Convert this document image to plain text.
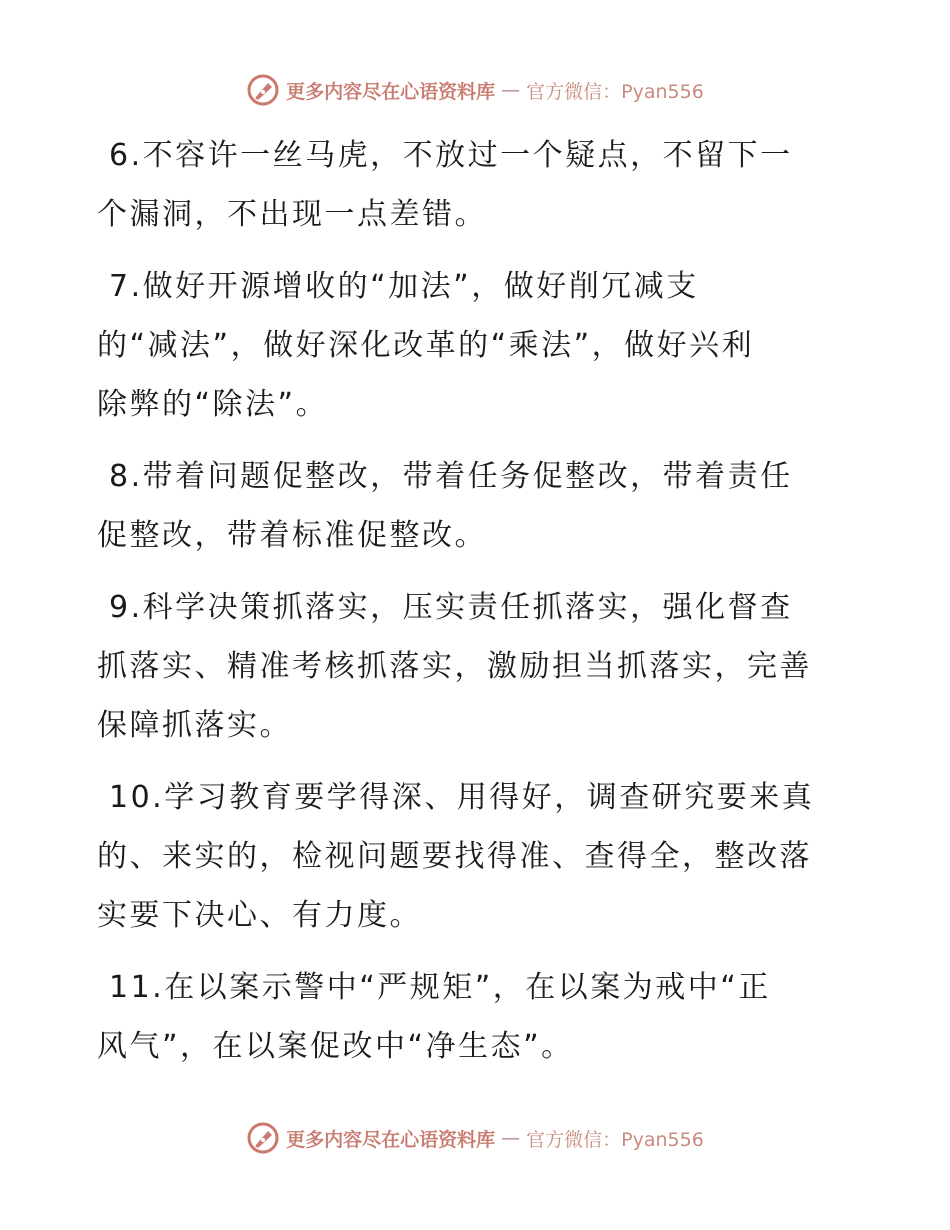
更多内容尽在心语资料库 — 官方微信：Pyan556

6.不容许一丝马虎，不放过一个疑点，不留下一
个漏洞，不出现一点差错。

7.做好开源增收的“加法”，做好削冗减支
的“减法”，做好深化改革的“乘法”，做好兴利
除弊的“除法”。

8.带着问题促整改，带着任务促整改，带着责任
促整改，带着标准促整改。

9.科学决策抓落实，压实责任抓落实，强化督查
抓落实、精准考核抓落实，激励担当抓落实，完善
保障抓落实。

10.学习教育要学得深、用得好，调查研究要来真
的、来实的，检视问题要找得准、查得全，整改落
实要下决心、有力度。

11.在以案示警中“严规矩”，在以案为戒中“正
风气”，在以案促改中“净生态”。

更多内容尽在心语资料库 — 官方微信：Pyan556
